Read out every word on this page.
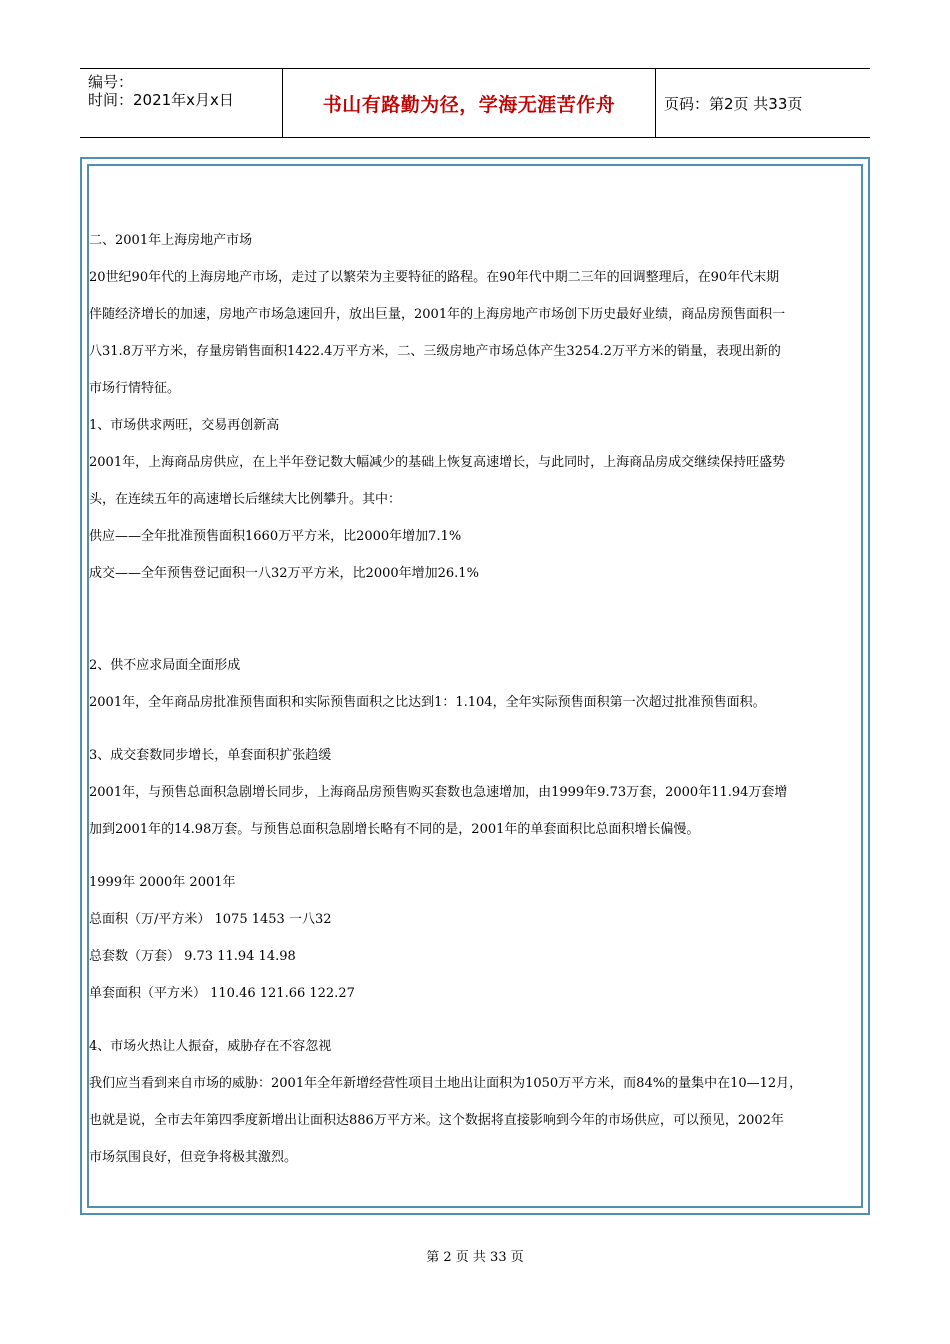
编号：
时间：2021年x月x日	书山有路勤为径，学海无涯苦作舟	页码：第2页 共33页

二、2001年上海房地产市场

20世纪90年代的上海房地产市场，走过了以繁荣为主要特征的路程。在90年代中期二三年的回调整理后，在90年代末期

伴随经济增长的加速，房地产市场急速回升，放出巨量，2001年的上海房地产市场创下历史最好业绩，商品房预售面积一

八31.8万平方米，存量房销售面积1422.4万平方米，二、三级房地产市场总体产生3254.2万平方米的销量，表现出新的

市场行情特征。

1、市场供求两旺，交易再创新高

2001年，上海商品房供应，在上半年登记数大幅减少的基础上恢复高速增长，与此同时，上海商品房成交继续保持旺盛势

头，在连续五年的高速增长后继续大比例攀升。其中：

供应——全年批准预售面积1660万平方米，比2000年增加7.1%

成交——全年预售登记面积一八32万平方米，比2000年增加26.1%

2、供不应求局面全面形成

2001年，全年商品房批准预售面积和实际预售面积之比达到1：1.104，全年实际预售面积第一次超过批准预售面积。

3、成交套数同步增长，单套面积扩张趋缓

2001年，与预售总面积急剧增长同步，上海商品房预售购买套数也急速增加，由1999年9.73万套，2000年11.94万套增

加到2001年的14.98万套。与预售总面积急剧增长略有不同的是，2001年的单套面积比总面积增长偏慢。

1999年 2000年 2001年

总面积（万/平方米） 1075 1453 一八32

总套数（万套） 9.73 11.94 14.98

单套面积（平方米） 110.46 121.66 122.27

4、市场火热让人振奋，威胁存在不容忽视

我们应当看到来自市场的威胁：2001年全年新增经营性项目土地出让面积为1050万平方米，而84%的量集中在10—12月，

也就是说，全市去年第四季度新增出让面积达886万平方米。这个数据将直接影响到今年的市场供应，可以预见，2002年

市场氛围良好，但竞争将极其激烈。

第 2 页 共 33 页
